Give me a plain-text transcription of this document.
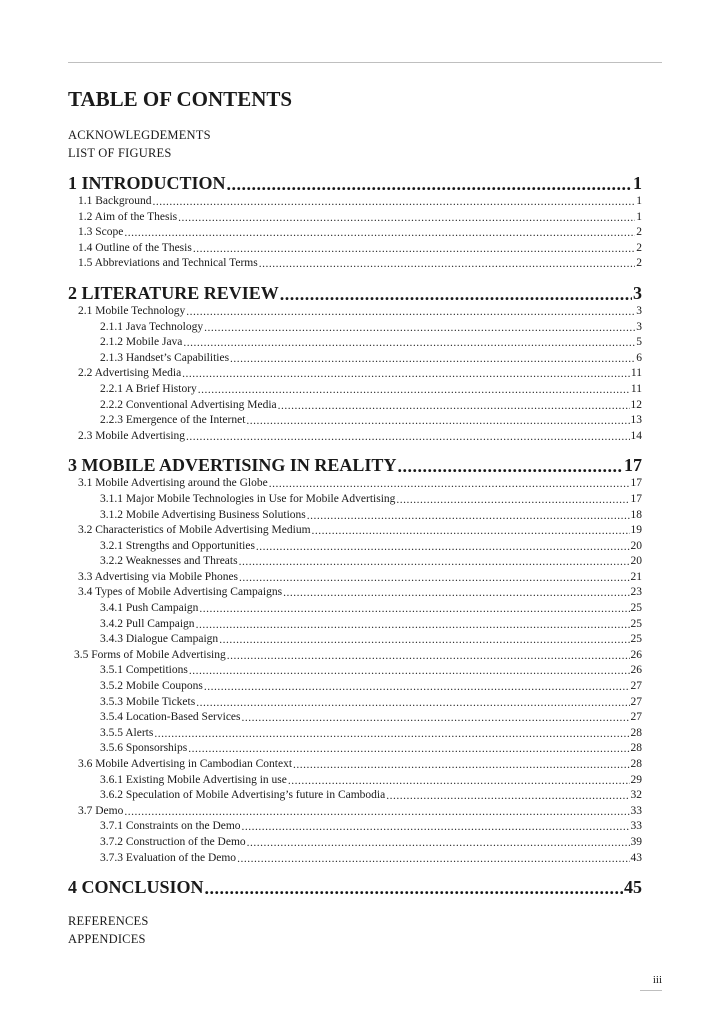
TABLE OF CONTENTS
ACKNOWLEGDEMENTS
LIST OF FIGURES
1 INTRODUCTION .....	1
1.1 Background .....	1
1.2 Aim of the Thesis .....	1
1.3 Scope .....	2
1.4 Outline of the Thesis .....	2
1.5 Abbreviations and Technical Terms .....	2
2 LITERATURE REVIEW .....	3
2.1 Mobile Technology .....	3
2.1.1 Java Technology .....	3
2.1.2 Mobile Java .....	5
2.1.3 Handset’s Capabilities .....	6
2.2 Advertising Media .....	11
2.2.1 A Brief History .....	11
2.2.2 Conventional Advertising Media .....	12
2.2.3 Emergence of the Internet .....	13
2.3 Mobile Advertising .....	14
3 MOBILE ADVERTISING IN REALITY .....	17
3.1 Mobile Advertising around the Globe .....	17
3.1.1 Major Mobile Technologies in Use for Mobile Advertising .....	17
3.1.2 Mobile Advertising Business Solutions .....	18
3.2 Characteristics of Mobile Advertising Medium .....	19
3.2.1 Strengths and Opportunities .....	20
3.2.2 Weaknesses and Threats .....	20
3.3 Advertising via Mobile Phones .....	21
3.4 Types of Mobile Advertising Campaigns .....	23
3.4.1 Push Campaign .....	25
3.4.2 Pull Campaign .....	25
3.4.3 Dialogue Campaign .....	25
3.5 Forms of Mobile Advertising .....	26
3.5.1 Competitions .....	26
3.5.2 Mobile Coupons .....	27
3.5.3 Mobile Tickets .....	27
3.5.4 Location-Based Services .....	27
3.5.5 Alerts .....	28
3.5.6 Sponsorships .....	28
3.6 Mobile Advertising in Cambodian Context .....	28
3.6.1 Existing Mobile Advertising in use .....	29
3.6.2 Speculation of Mobile Advertising’s future in Cambodia .....	32
3.7 Demo .....	33
3.7.1 Constraints on the Demo .....	33
3.7.2 Construction of the Demo .....	39
3.7.3 Evaluation of the Demo .....	43
4 CONCLUSION .....	45
REFERENCES
APPENDICES
iii
